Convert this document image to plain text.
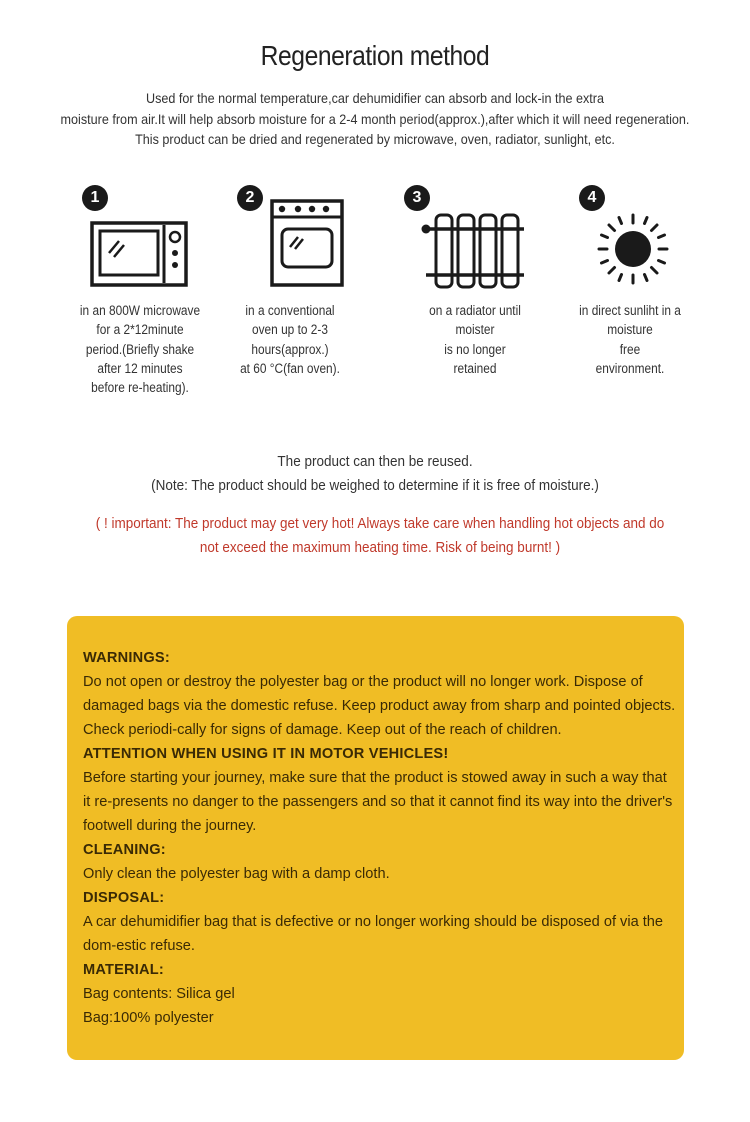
Regeneration method
Used for the normal temperature,car dehumidifier can absorb and lock-in the extra
moisture from air.It will help absorb moisture for a 2-4 month period(approx.),after which it will need regeneration.
This product can be dried and regenerated by microwave, oven, radiator, sunlight, etc.
1
in an 800W microwave
for a 2*12minute
period.(Briefly shake
after 12 minutes
before re-heating).
2
in a conventional
oven up to 2-3
hours(approx.)
at 60 °C(fan oven).
3
on a radiator until
moister
is no longer
retained
4
in direct sunliht in a
moisture
free
environment.
The product can then be reused.
(Note: The product should be weighed to determine if it is free of moisture.)
( ! important: The product may get very hot! Always take care when handling hot objects and do not exceed the maximum heating time. Risk of being burnt! )
WARNINGS:
Do not open or destroy the polyester bag or the product will no longer work. Dispose of damaged bags via the domestic refuse. Keep product away from sharp and pointed objects. Check periodi-cally for signs of damage. Keep out of the reach of children.
ATTENTION WHEN USING IT IN MOTOR VEHICLES!
Before starting your journey, make sure that the product is stowed away in such a way that it re-presents no danger to the passengers and so that it cannot find its way into the driver's footwell during the journey.
CLEANING:
Only clean the polyester bag with a damp cloth.
DISPOSAL:
A car dehumidifier bag that is defective or no longer working should be disposed of via the dom-estic refuse.
MATERIAL:
Bag contents: Silica gel
Bag:100% polyester
